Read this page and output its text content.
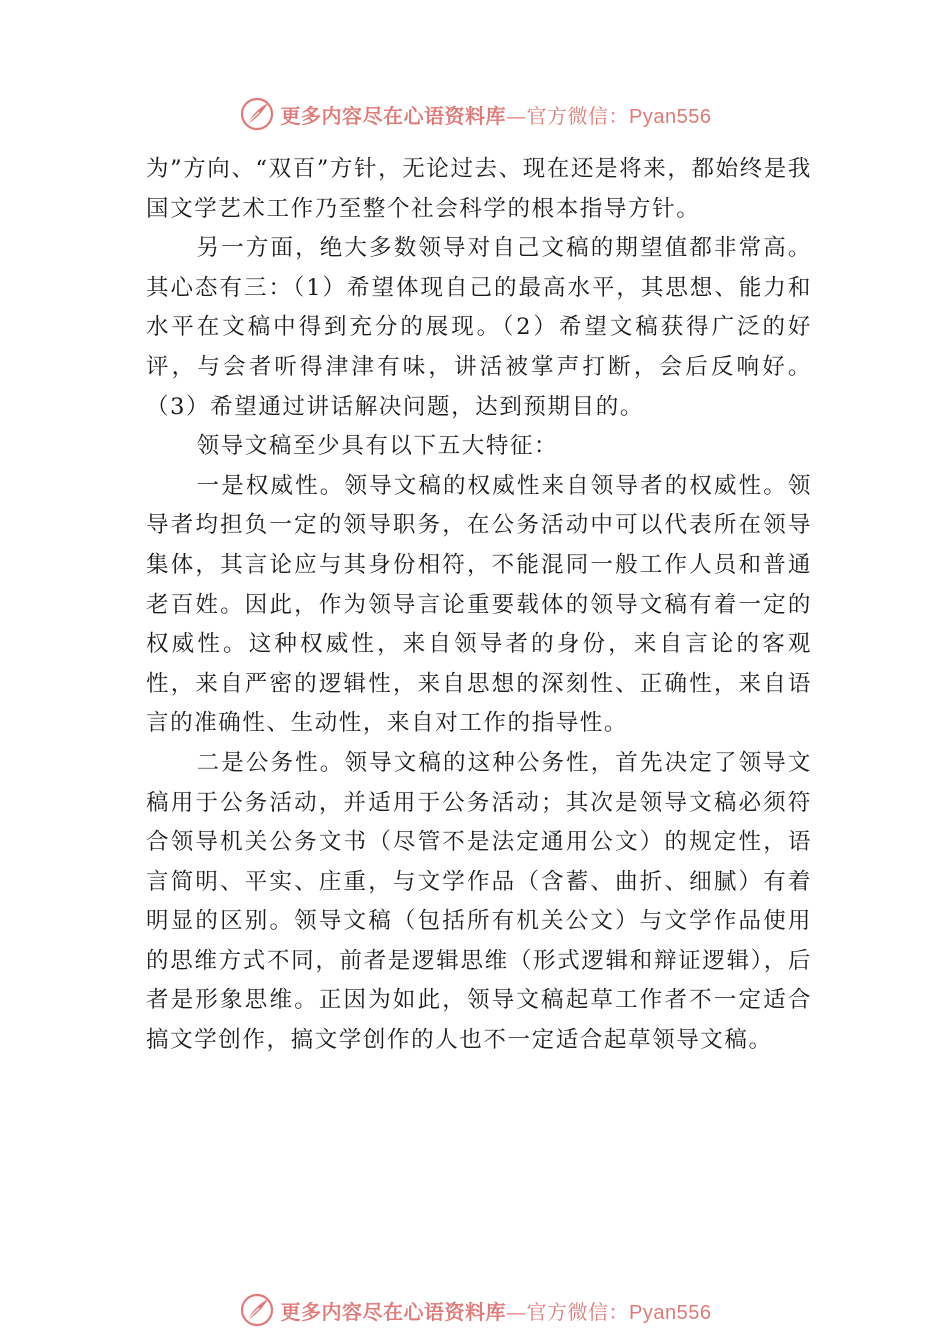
更多内容尽在心语资料库—官方微信：Pyan556

为”方向、“双百”方针，无论过去、现在还是将来，都始终是我国文学艺术工作乃至整个社会科学的根本指导方针。

另一方面，绝大多数领导对自己文稿的期望值都非常高。其心态有三：（1）希望体现自己的最高水平，其思想、能力和水平在文稿中得到充分的展现。（2）希望文稿获得广泛的好评，与会者听得津津有味，讲活被掌声打断，会后反响好。（3）希望通过讲话解决问题，达到预期目的。

领导文稿至少具有以下五大特征：

一是权威性。领导文稿的权威性来自领导者的权威性。领导者均担负一定的领导职务，在公务活动中可以代表所在领导集体，其言论应与其身份相符，不能混同一般工作人员和普通老百姓。因此，作为领导言论重要载体的领导文稿有着一定的权威性。这种权威性，来自领导者的身份，来自言论的客观性，来自严密的逻辑性，来自思想的深刻性、正确性，来自语言的准确性、生动性，来自对工作的指导性。

二是公务性。领导文稿的这种公务性，首先决定了领导文稿用于公务活动，并适用于公务活动；其次是领导文稿必须符合领导机关公务文书（尽管不是法定通用公文）的规定性，语言简明、平实、庄重，与文学作品（含蓄、曲折、细腻）有着明显的区别。领导文稿（包括所有机关公文）与文学作品使用的思维方式不同，前者是逻辑思维（形式逻辑和辩证逻辑），后者是形象思维。正因为如此，领导文稿起草工作者不一定适合搞文学创作，搞文学创作的人也不一定适合起草领导文稿。

更多内容尽在心语资料库—官方微信：Pyan556
